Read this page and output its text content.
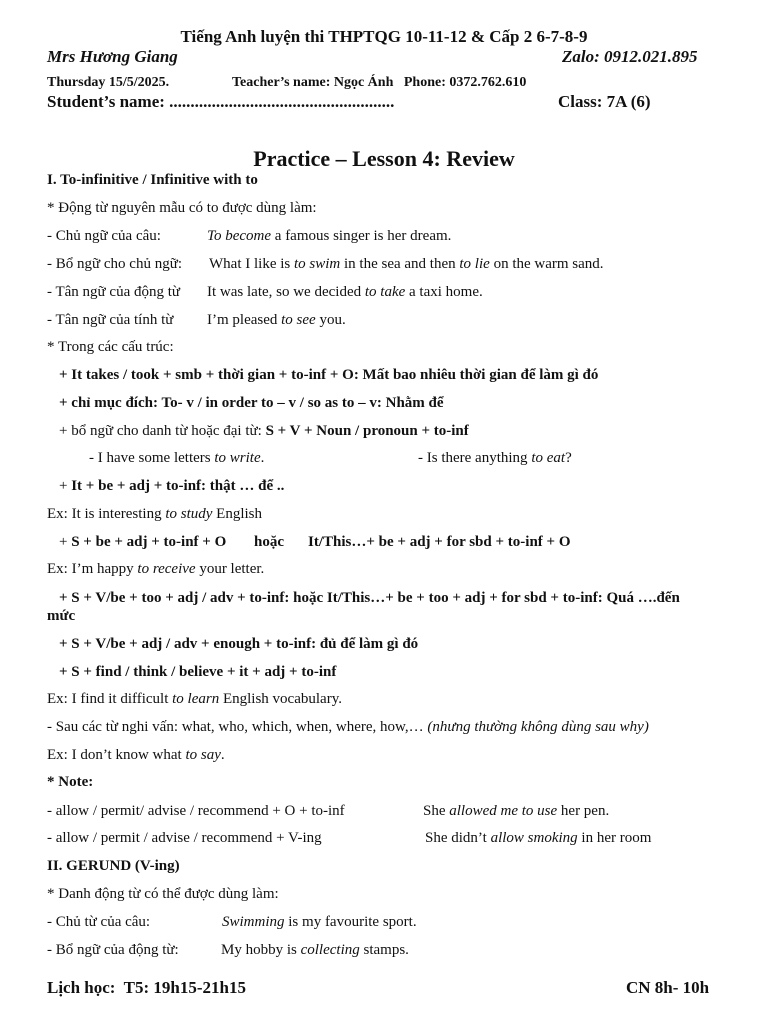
Tiếng Anh luyện thi THPTQG 10-11-12 & Cấp 2 6-7-8-9
Mrs Hương Giang	Zalo: 0912.021.895
Thursday 15/5/2025.	Teacher’s name: Ngọc Ánh   Phone: 0372.762.610
Student’s name: .....................................................	Class: 7A (6)
Practice – Lesson 4: Review
I. To-infinitive / Infinitive with to
* Động từ nguyên mẫu có to được dùng làm:
- Chủ ngữ của câu:	To become a famous singer is her dream.
- Bổ ngữ cho chủ ngữ: What I like is to swim in the sea and then to lie on the warm sand.
- Tân ngữ của động từ It was late, so we decided to take a taxi home.
- Tân ngữ của tính từ I’m pleased to see you.
* Trong các cấu trúc:
+ It takes / took + smb + thời gian + to-inf + O: Mất bao nhiêu thời gian để làm gì đó
+ chỉ mục đích: To- v / in order to – v / so as to – v: Nhằm để
+ bổ ngữ cho danh từ hoặc đại từ: S + V + Noun / pronoun + to-inf
- I have some letters to write.	- Is there anything to eat?
+ It + be + adj + to-inf: thật … để ..
Ex: It is interesting to study English
+ S + be + adj + to-inf + O hoặc It/This…+ be + adj + for sbd + to-inf + O
Ex: I’m happy to receive your letter.
+ S + V/be + too + adj / adv + to-inf: hoặc It/This…+ be + too + adj + for sbd + to-inf: Quá ….đến
mức
+ S + V/be + adj / adv + enough + to-inf: đủ để làm gì đó
+ S + find / think / believe + it + adj + to-inf
Ex: I find it difficult to learn English vocabulary.
- Sau các từ nghi vấn: what, who, which, when, where, how,… (nhưng thường không dùng sau why)
Ex: I don’t know what to say.
* Note:
- allow / permit/ advise / recommend + O + to-inf	She allowed me to use her pen.
- allow / permit / advise / recommend + V-ing	She didn’t allow smoking in her room
II. GERUND (V-ing)
* Danh động từ có thể được dùng làm:
- Chủ từ của câu:	Swimming is my favourite sport.
- Bổ ngữ của động từ:	My hobby is collecting stamps.
Lịch học:  T5: 19h15-21h15	CN 8h- 10h
